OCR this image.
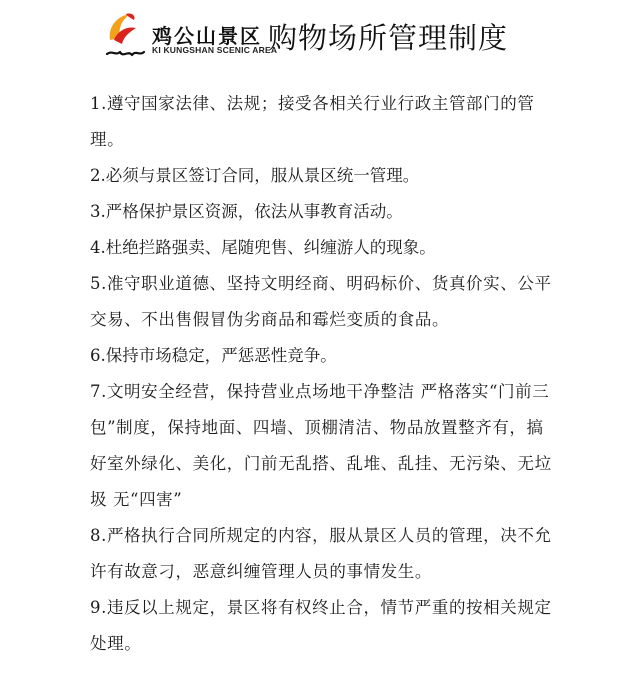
鸡公山景区
KI KUNGSHAN SCENIC AREA
购物场所管理制度
1.遵守国家法律、法规；接受各相关行业行政主管部门的管理。
2.必须与景区签订合同，服从景区统一管理。
3.严格保护景区资源，依法从事教育活动。
4.杜绝拦路强卖、尾随兜售、纠缠游人的现象。
5.准守职业道德、坚持文明经商、明码标价、货真价实、公平交易、不出售假冒伪劣商品和霉烂变质的食品。
6.保持市场稳定，严惩恶性竞争。
7.文明安全经营，保持营业点场地干净整洁 严格落实“门前三包”制度，保持地面、四墙、顶棚清洁、物品放置整齐有，搞好室外绿化、美化，门前无乱搭、乱堆、乱挂、无污染、无垃圾 无“四害”
8.严格执行合同所规定的内容，服从景区人员的管理，决不允许有故意刁，恶意纠缠管理人员的事情发生。
9.违反以上规定，景区将有权终止合，情节严重的按相关规定处理。
